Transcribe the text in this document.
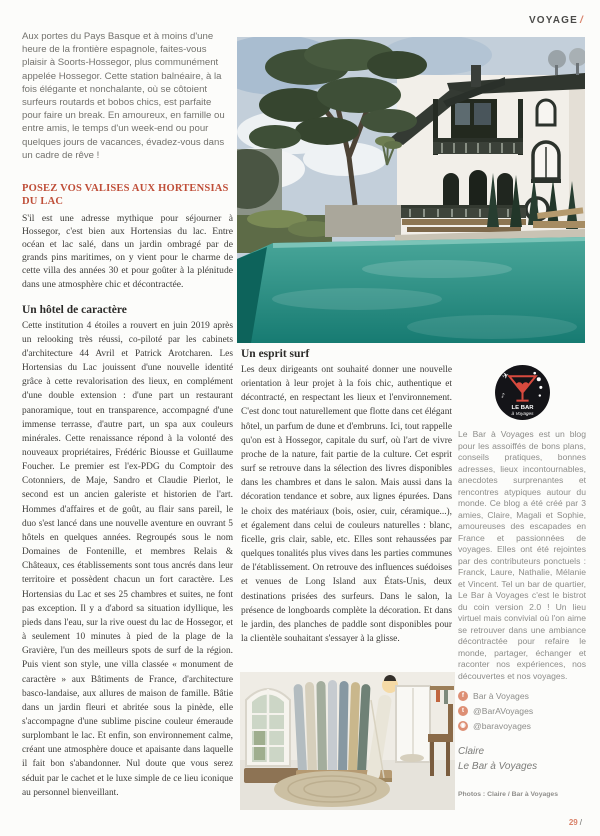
VOYAGE /

Aux portes du Pays Basque et à moins d'une heure de la frontière espagnole, faites-vous plaisir à Soorts-Hossegor, plus communément appelée Hossegor. Cette station balnéaire, à la fois élégante et nonchalante, où se côtoient surfeurs routards et bobos chics, est parfaite pour faire un break. En amoureux, en famille ou entre amis, le temps d'un week-end ou pour quelques jours de vacances, évadez-vous dans un cadre de rêve !

POSEZ VOS VALISES AUX HORTENSIAS DU LAC

S'il est une adresse mythique pour séjourner à Hossegor, c'est bien aux Hortensias du lac. Entre océan et lac salé, dans un jardin ombragé par de grands pins maritimes, on y vient pour le charme de cette villa des années 30 et pour goûter à la plénitude dans une atmosphère chic et décontractée.

Un hôtel de caractère

Cette institution 4 étoiles a rouvert en juin 2019 après un relooking très réussi, co-piloté par les cabinets d'architecture 44 Avril et Patrick Arotcharen. Les Hortensias du Lac jouissent d'une nouvelle identité grâce à cette revalorisation des lieux, en complément d'une double extension : d'une part un restaurant panoramique, tout en transparence, accompagné d'une immense terrasse, d'autre part, un spa aux couleurs minérales. Cette renaissance répond à la volonté des nouveaux propriétaires, Frédéric Biousse et Guillaume Foucher. Le premier est l'ex-PDG du Comptoir des Cotonniers, de Maje, Sandro et Claudie Pierlot, le second est un ancien galeriste et historien de l'art. Hommes d'affaires et de goût, au flair sans pareil, le duo s'est lancé dans une nouvelle aventure en ouvrant 5 hôtels en quelques années. Regroupés sous le nom Domaines de Fontenille, et membres Relais & Châteaux, ces établissements sont tous ancrés dans leur territoire et possèdent chacun un fort caractère. Les Hortensias du Lac et ses 25 chambres et suites, ne font pas exception. Il y a d'abord sa situation idyllique, les pieds dans l'eau, sur la rive ouest du lac de Hossegor, et à seulement 10 minutes à pied de la plage de la Gravière, l'un des meilleurs spots de surf de la région. Puis vient son style, une villa classée « monument de caractère » aux Bâtiments de France, d'architecture basco-landaise, aux allures de maison de famille. Bâtie dans un jardin fleuri et abritée sous la pinède, elle s'accompagne d'une sublime piscine couleur émeraude surplombant le lac. Et enfin, son environnement calme, créant une atmosphère douce et apaisante dans laquelle il fait bon s'abandonner. Nul doute que vous serez séduit par le cachet et le luxe simple de ce lieu iconique au personnel bienveillant.

Un esprit surf

Les deux dirigeants ont souhaité donner une nouvelle orientation à leur projet à la fois chic, authentique et décontracté, en respectant les lieux et l'environnement. C'est donc tout naturellement que flotte dans cet élégant hôtel, un parfum de dune et d'embruns. Ici, tout rappelle qu'on est à Hossegor, capitale du surf, où l'art de vivre proche de la nature, fait partie de la culture. Cet esprit surf se retrouve dans la sélection des livres disponibles dans les chambres et dans le salon. Mais aussi dans la décoration tendance et sobre, aux lignes épurées. Dans le choix des matériaux (bois, osier, cuir, céramique...), et également dans celui de couleurs naturelles : blanc, ficelle, gris clair, sable, etc. Elles sont rehaussées par quelques tonalités plus vives dans les parties communes de l'établissement. On retrouve des influences suédoises et venues de Long Island aux États-Unis, deux destinations prisées des surfeurs. Dans le salon, la présence de longboards complète la décoration. Et dans le jardin, des planches de paddle sont disponibles pour la clientèle souhaitant s'essayer à la glisse.

✈
♪
LE BAR
à Voyages

Le Bar à Voyages est un blog pour les assoiffés de bons plans, conseils pratiques, bonnes adresses, lieux incontournables, anecdotes surprenantes et rencontres atypiques autour du monde. Ce blog a été créé par 3 amies, Claire, Magali et Sophie, amoureuses des escapades en France et passionnées de voyages. Elles ont été rejointes par des contributeurs ponctuels : Franck, Laure, Nathalie, Mélanie et Vincent. Tel un bar de quartier, Le Bar à Voyages c'est le bistrot du coin version 2.0 ! Un lieu virtuel mais convivial où l'on aime se retrouver dans une ambiance décontractée pour refaire le monde, partager, échanger et raconter nos expériences, nos découvertes et nos voyages.

f	Bar à Voyages
t	@BarAVoyages
◉ @baravoyages

Claire

Le Bar à Voyages

Photos : Claire / Bar à Voyages

29 /
